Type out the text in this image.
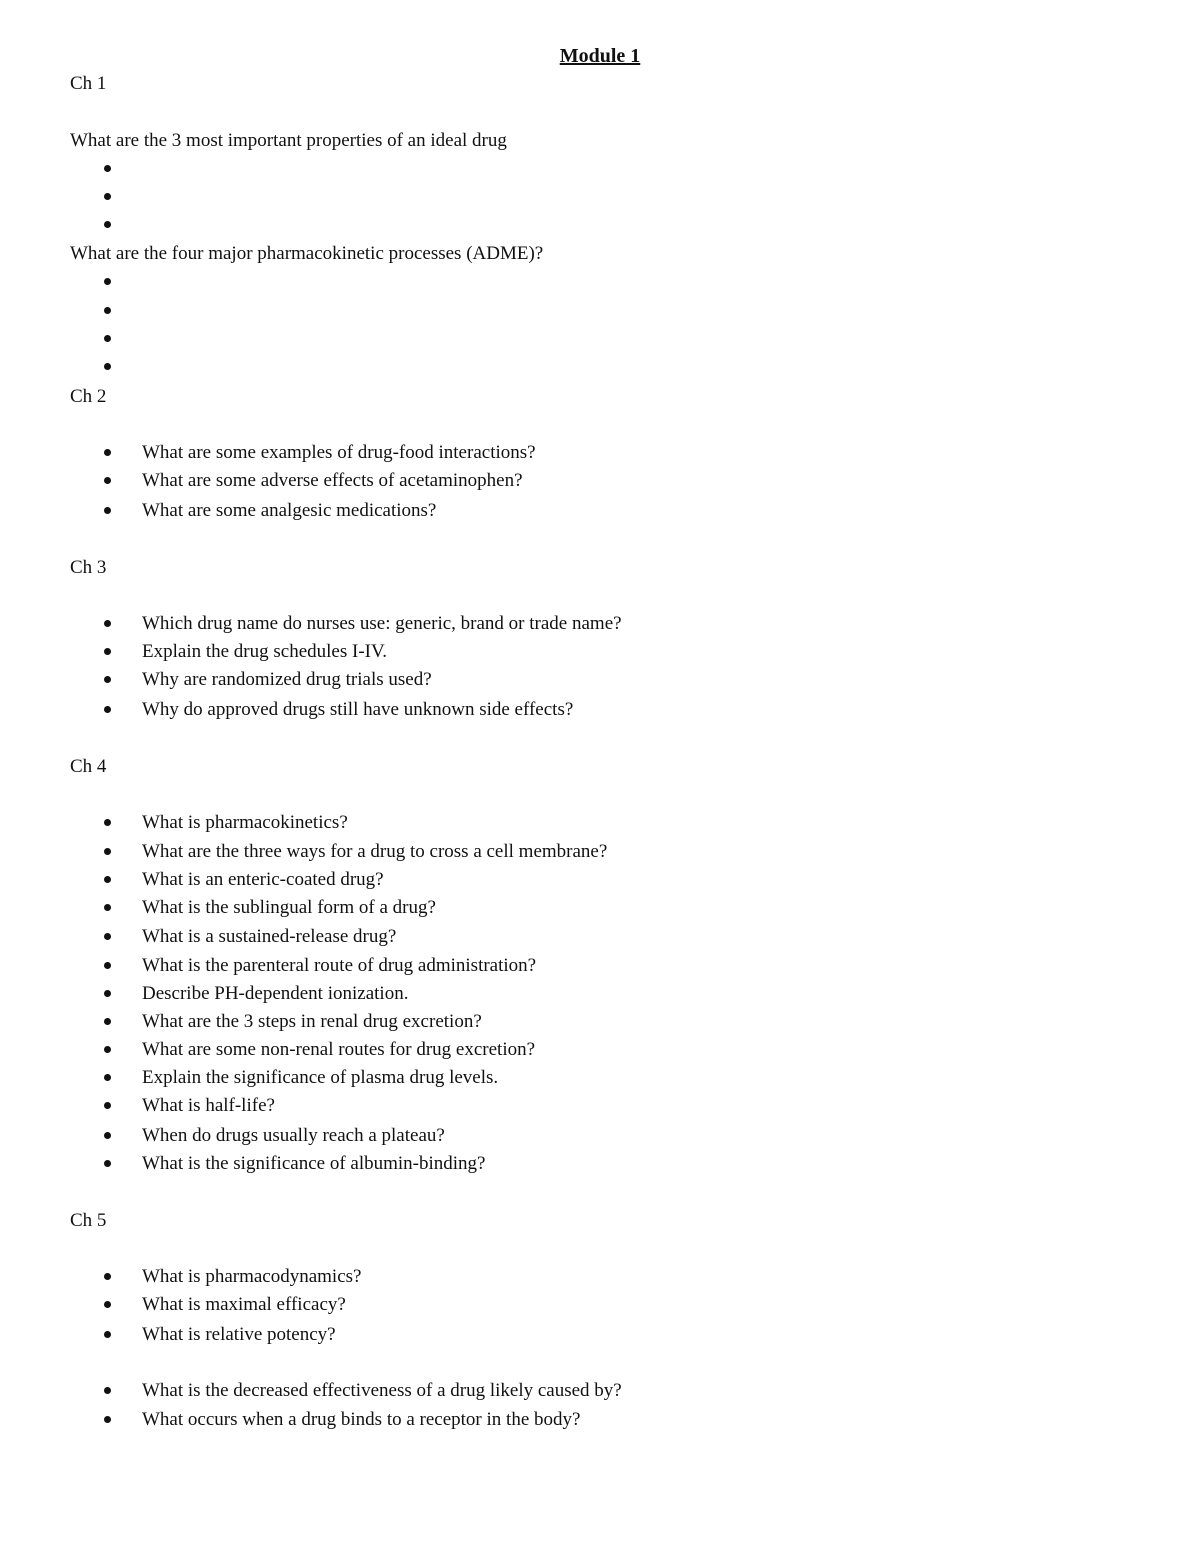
Module 1

Ch 1

What are the 3 most important properties of an ideal drug

What are the four major pharmacokinetic processes (ADME)?

Ch 2

What are some examples of drug-food interactions?

What are some adverse effects of acetaminophen?

What are some analgesic medications?

Ch 3

Which drug name do nurses use: generic, brand or trade name?

Explain the drug schedules I-IV.

Why are randomized drug trials used?

Why do approved drugs still have unknown side effects?

Ch 4

What is pharmacokinetics?

What are the three ways for a drug to cross a cell membrane?

What is an enteric-coated drug?

What is the sublingual form of a drug?

What is a sustained-release drug?

What is the parenteral route of drug administration?

Describe PH-dependent ionization.

What are the 3 steps in renal drug excretion?

What are some non-renal routes for drug excretion?

Explain the significance of plasma drug levels.

What is half-life?

When do drugs usually reach a plateau?

What is the significance of albumin-binding?

Ch 5

What is pharmacodynamics?

What is maximal efficacy?

What is relative potency?

What is the decreased effectiveness of a drug likely caused by?

What occurs when a drug binds to a receptor in the body?
